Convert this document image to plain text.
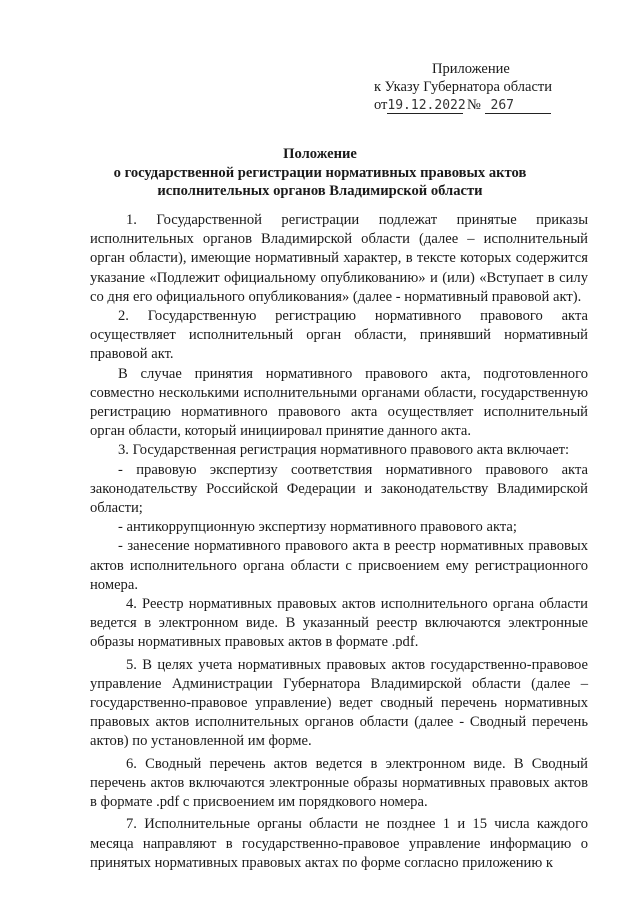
Приложение
к Указу Губернатора области
от19.12.2022 № 267
Положение
о государственной регистрации нормативных правовых актов
исполнительных органов Владимирской области

1. Государственной регистрации подлежат принятые приказы исполнительных органов Владимирской области (далее – исполнительный орган области), имеющие нормативный характер, в тексте которых содержится указание «Подлежит официальному опубликованию» и (или) «Вступает в силу со дня его официального опубликования» (далее - нормативный правовой акт).

2. Государственную регистрацию нормативного правового акта осуществляет исполнительный орган области, принявший нормативный правовой акт.

В случае принятия нормативного правового акта, подготовленного совместно несколькими исполнительными органами области, государственную регистрацию нормативного правового акта осуществляет исполнительный орган области, который инициировал принятие данного акта.

3. Государственная регистрация нормативного правового акта включает:

- правовую экспертизу соответствия нормативного правового акта законодательству Российской Федерации и законодательству Владимирской области;

- антикоррупционную экспертизу нормативного правового акта;

- занесение нормативного правового акта в реестр нормативных правовых актов исполнительного органа области с присвоением ему регистрационного номера.

4. Реестр нормативных правовых актов исполнительного органа области ведется в электронном виде. В указанный реестр включаются электронные образы нормативных правовых актов в формате .pdf.

5. В целях учета нормативных правовых актов государственно-правовое управление Администрации Губернатора Владимирской области (далее – государственно-правовое управление) ведет сводный перечень нормативных правовых актов исполнительных органов области (далее - Сводный перечень актов) по установленной им форме.

6. Сводный перечень актов ведется в электронном виде. В Сводный перечень актов включаются электронные образы нормативных правовых актов в формате .pdf с присвоением им порядкового номера.

7. Исполнительные органы области не позднее 1 и 15 числа каждого месяца направляют в государственно-правовое управление информацию о принятых нормативных правовых актах по форме согласно приложению к
